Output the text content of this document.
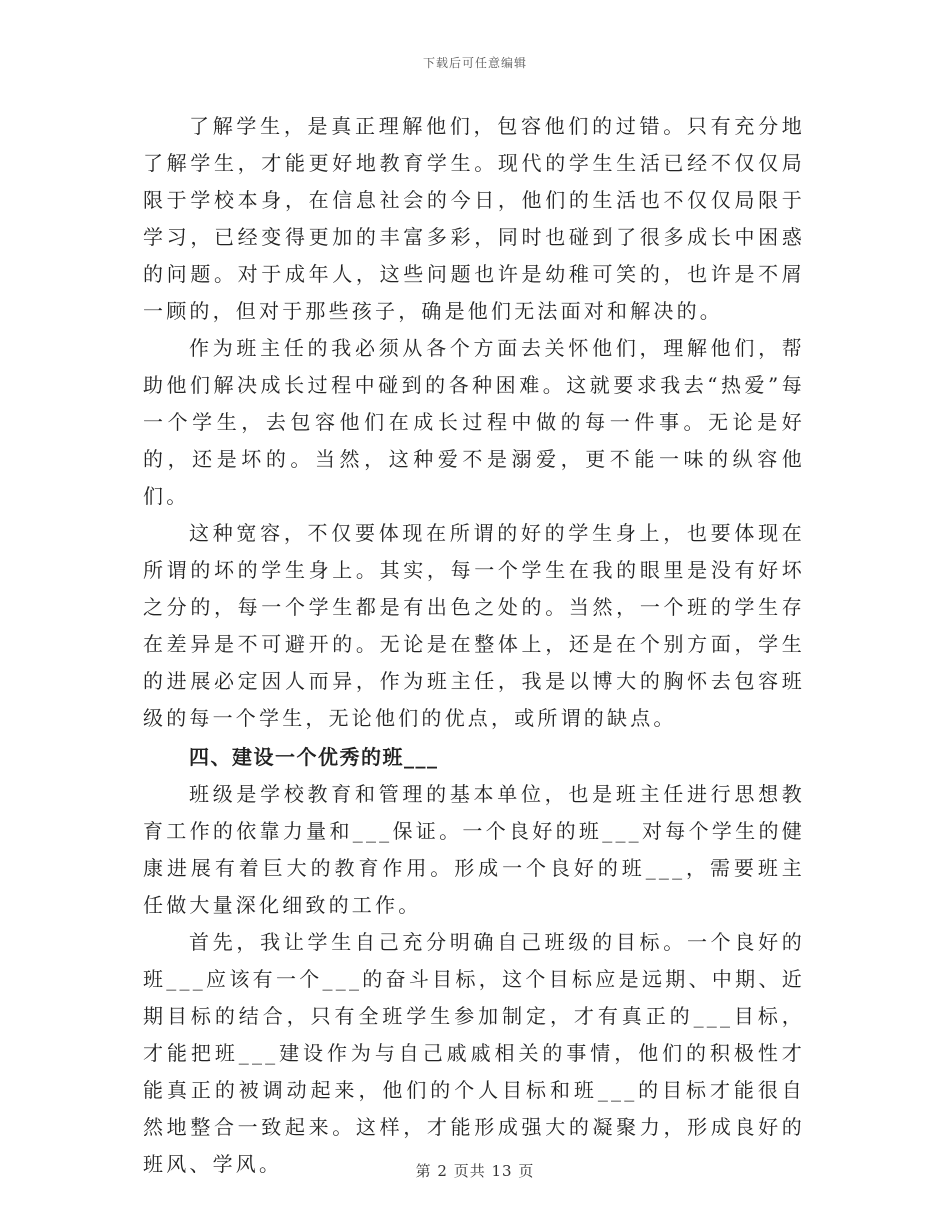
下载后可任意编辑

了解学生，是真正理解他们，包容他们的过错。只有充分地了解学生，才能更好地教育学生。现代的学生生活已经不仅仅局限于学校本身，在信息社会的今日，他们的生活也不仅仅局限于学习，已经变得更加的丰富多彩，同时也碰到了很多成长中困惑的问题。对于成年人，这些问题也许是幼稚可笑的，也许是不屑一顾的，但对于那些孩子，确是他们无法面对和解决的。

作为班主任的我必须从各个方面去关怀他们，理解他们，帮助他们解决成长过程中碰到的各种困难。这就要求我去“热爱”每一个学生，去包容他们在成长过程中做的每一件事。无论是好的，还是坏的。当然，这种爱不是溺爱，更不能一味的纵容他们。

这种宽容，不仅要体现在所谓的好的学生身上，也要体现在所谓的坏的学生身上。其实，每一个学生在我的眼里是没有好坏之分的，每一个学生都是有出色之处的。当然，一个班的学生存在差异是不可避开的。无论是在整体上，还是在个别方面，学生的进展必定因人而异，作为班主任，我是以博大的胸怀去包容班级的每一个学生，无论他们的优点，或所谓的缺点。

四、建设一个优秀的班___

班级是学校教育和管理的基本单位，也是班主任进行思想教育工作的依靠力量和___保证。一个良好的班___对每个学生的健康进展有着巨大的教育作用。形成一个良好的班___，需要班主任做大量深化细致的工作。

首先，我让学生自己充分明确自己班级的目标。一个良好的班___应该有一个___的奋斗目标，这个目标应是远期、中期、近期目标的结合，只有全班学生参加制定，才有真正的___目标，才能把班___建设作为与自己戚戚相关的事情，他们的积极性才能真正的被调动起来，他们的个人目标和班___的目标才能很自然地整合一致起来。这样，才能形成强大的凝聚力，形成良好的班风、学风。	第 2 页共 13 页
